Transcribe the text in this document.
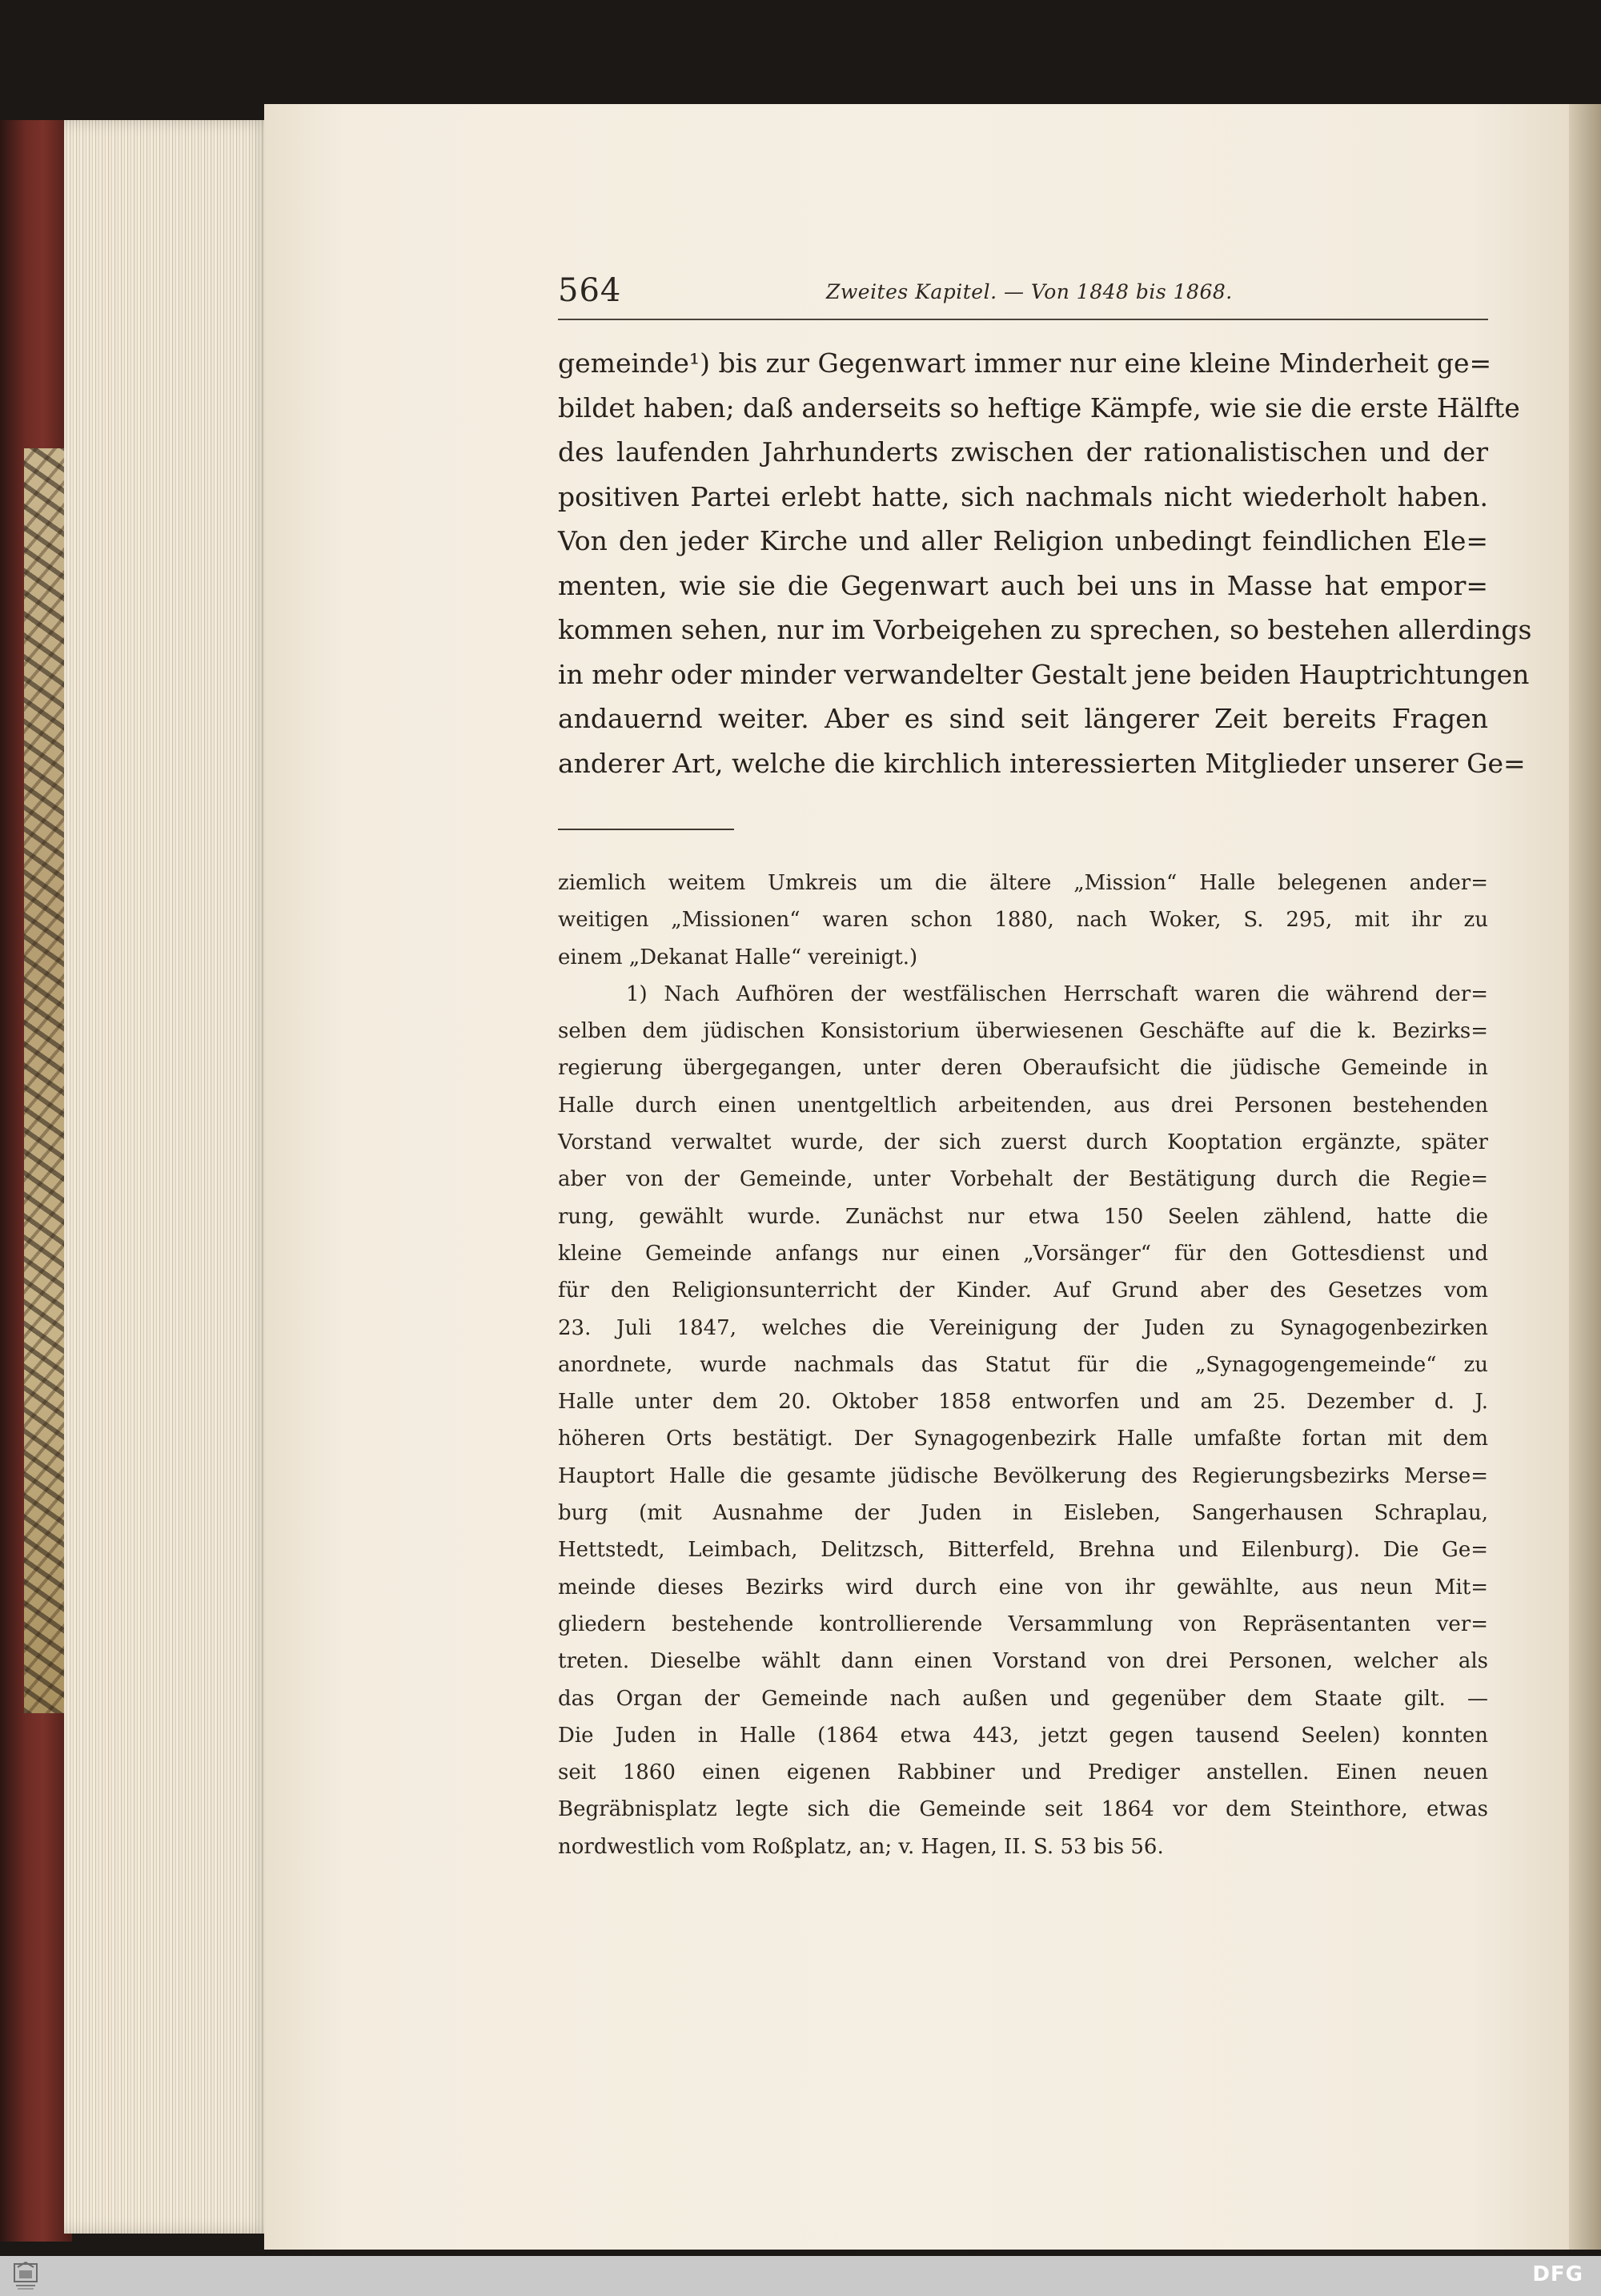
564	Zweites Kapitel. — Von 1848 bis 1868.
gemeinde¹) bis zur Gegenwart immer nur eine kleine Minderheit ge=
bildet haben; daß anderseits so heftige Kämpfe, wie sie die erste Hälfte
des laufenden Jahrhunderts zwischen der rationalistischen und der
positiven Partei erlebt hatte, sich nachmals nicht wiederholt haben.
Von den jeder Kirche und aller Religion unbedingt feindlichen Ele=
menten, wie sie die Gegenwart auch bei uns in Masse hat empor=
kommen sehen, nur im Vorbeigehen zu sprechen, so bestehen allerdings
in mehr oder minder verwandelter Gestalt jene beiden Hauptrichtungen
andauernd weiter. Aber es sind seit längerer Zeit bereits Fragen
anderer Art, welche die kirchlich interessierten Mitglieder unserer Ge=
ziemlich weitem Umkreis um die ältere „Mission“ Halle belegenen ander=
weitigen „Missionen“ waren schon 1880, nach Woker, S. 295, mit ihr zu
einem „Dekanat Halle“ vereinigt.)
1) Nach Aufhören der westfälischen Herrschaft waren die während der=
selben dem jüdischen Konsistorium überwiesenen Geschäfte auf die k. Bezirks=
regierung übergegangen, unter deren Oberaufsicht die jüdische Gemeinde in
Halle durch einen unentgeltlich arbeitenden, aus drei Personen bestehenden
Vorstand verwaltet wurde, der sich zuerst durch Kooptation ergänzte, später
aber von der Gemeinde, unter Vorbehalt der Bestätigung durch die Regie=
rung, gewählt wurde. Zunächst nur etwa 150 Seelen zählend, hatte die
kleine Gemeinde anfangs nur einen „Vorsänger“ für den Gottesdienst und
für den Religionsunterricht der Kinder. Auf Grund aber des Gesetzes vom
23. Juli 1847, welches die Vereinigung der Juden zu Synagogenbezirken
anordnete, wurde nachmals das Statut für die „Synagogengemeinde“ zu
Halle unter dem 20. Oktober 1858 entworfen und am 25. Dezember d. J.
höheren Orts bestätigt. Der Synagogenbezirk Halle umfaßte fortan mit dem
Hauptort Halle die gesamte jüdische Bevölkerung des Regierungsbezirks Merse=
burg (mit Ausnahme der Juden in Eisleben, Sangerhausen Schraplau,
Hettstedt, Leimbach, Delitzsch, Bitterfeld, Brehna und Eilenburg). Die Ge=
meinde dieses Bezirks wird durch eine von ihr gewählte, aus neun Mit=
gliedern bestehende kontrollierende Versammlung von Repräsentanten ver=
treten. Dieselbe wählt dann einen Vorstand von drei Personen, welcher als
das Organ der Gemeinde nach außen und gegenüber dem Staate gilt. —
Die Juden in Halle (1864 etwa 443, jetzt gegen tausend Seelen) konnten
seit 1860 einen eigenen Rabbiner und Prediger anstellen. Einen neuen
Begräbnisplatz legte sich die Gemeinde seit 1864 vor dem Steinthore, etwas
nordwestlich vom Roßplatz, an; v. Hagen, II. S. 53 bis 56.
DFG
